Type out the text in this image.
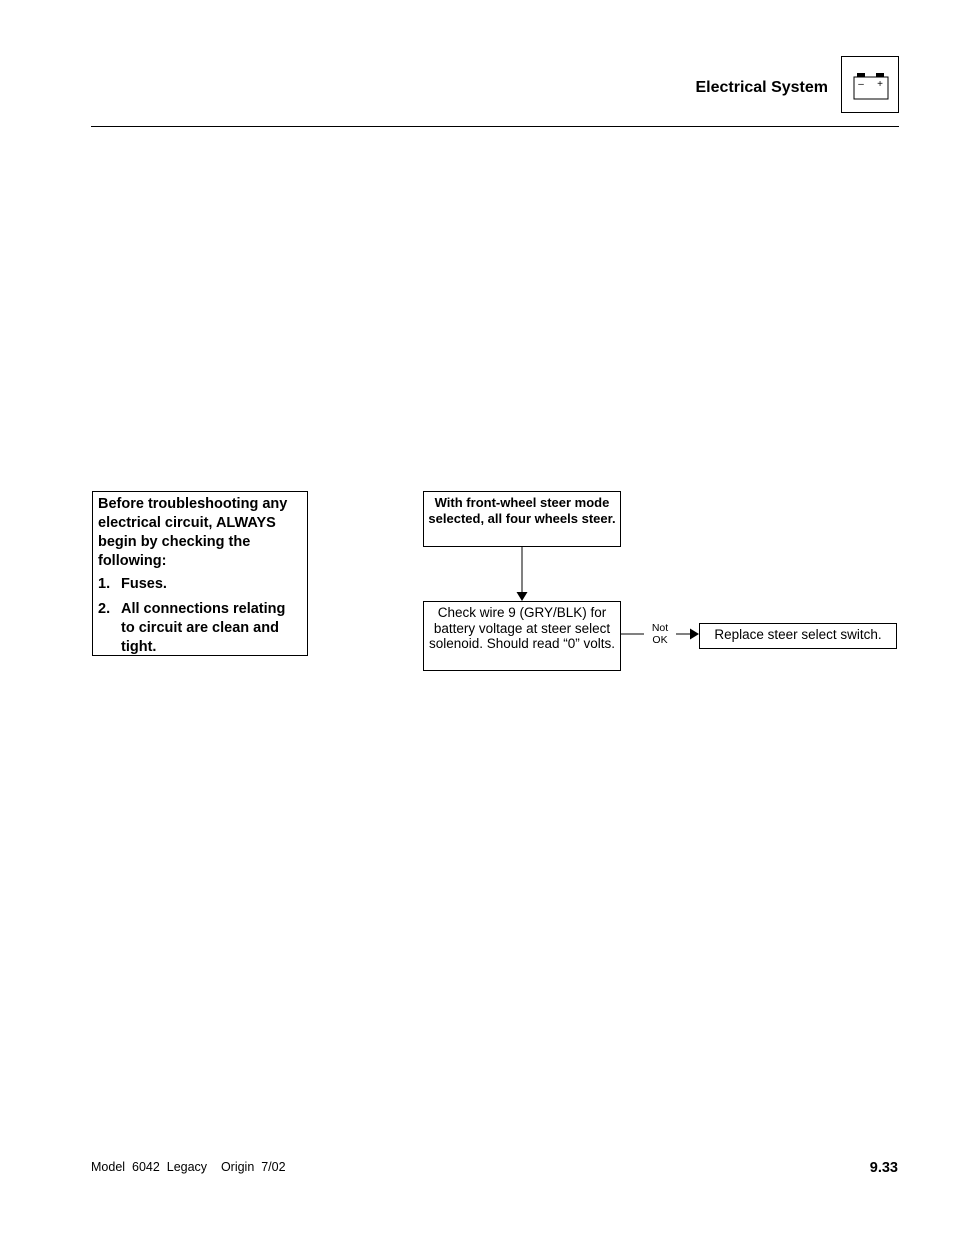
Electrical System	– +

Before troubleshooting any electrical circuit, ALWAYS begin by checking the following:

1. Fuses.
2. All connections relating to circuit are clean and tight.
With front-wheel steer mode selected, all four wheels steer.
Check wire 9 (GRY/BLK) for battery voltage at steer select solenoid. Should read “0” volts.
Not
OK	Replace steer select switch.
Model  6042  Legacy    Origin  7/02	9.33
